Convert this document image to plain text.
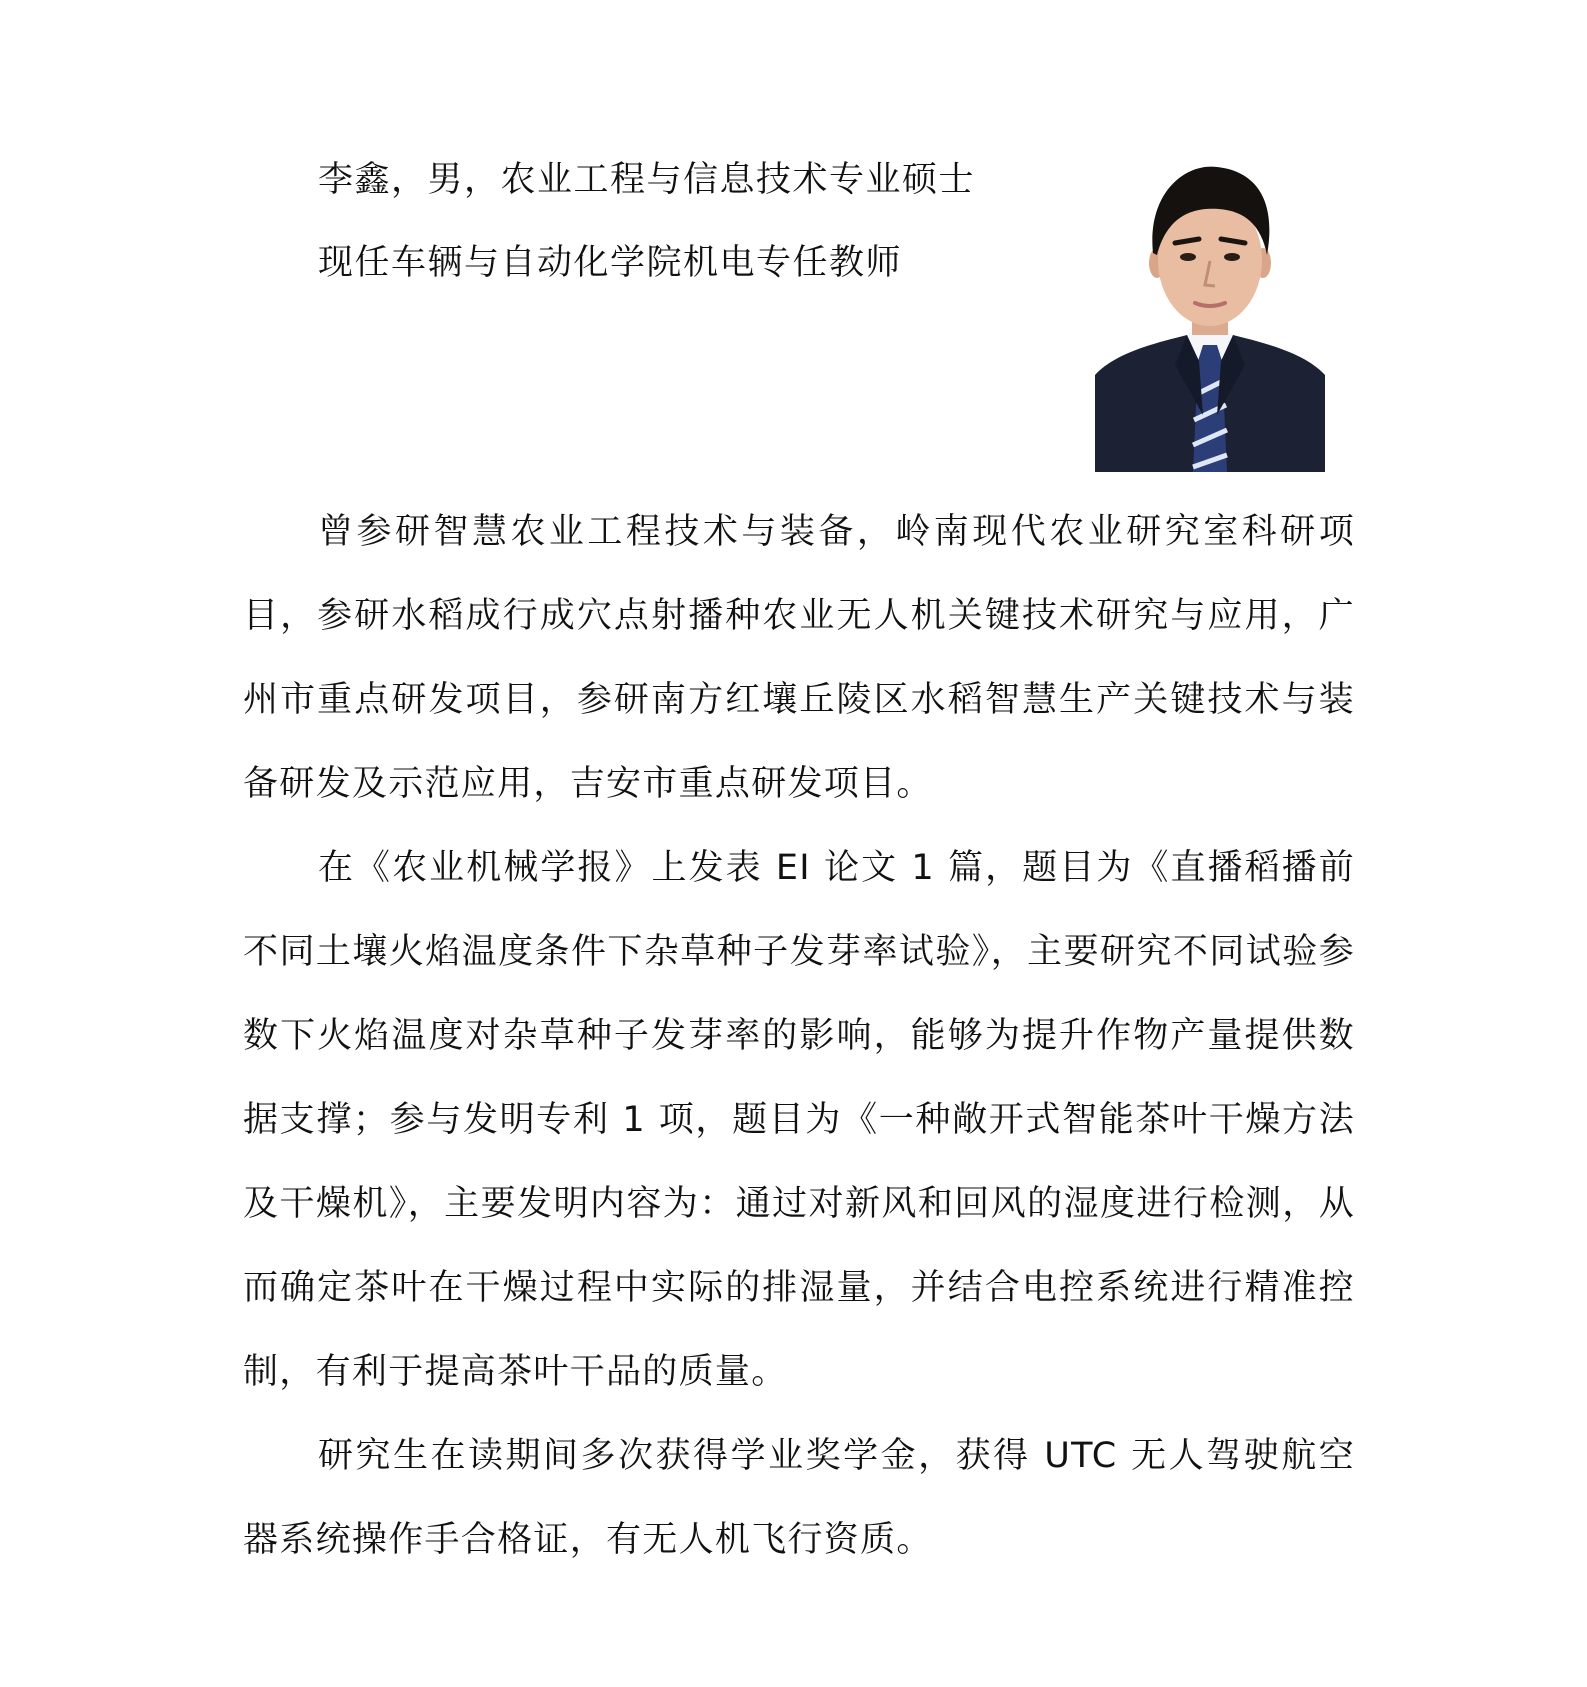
李鑫，男，农业工程与信息技术专业硕士
现任车辆与自动化学院机电专任教师

曾参研智慧农业工程技术与装备，岭南现代农业研究室科研项目，参研水稻成行成穴点射播种农业无人机关键技术研究与应用，广州市重点研发项目，参研南方红壤丘陵区水稻智慧生产关键技术与装备研发及示范应用，吉安市重点研发项目。

在《农业机械学报》上发表 EI 论文 1 篇，题目为《直播稻播前不同土壤火焰温度条件下杂草种子发芽率试验》，主要研究不同试验参数下火焰温度对杂草种子发芽率的影响，能够为提升作物产量提供数据支撑；参与发明专利 1 项，题目为《一种敞开式智能茶叶干燥方法及干燥机》，主要发明内容为：通过对新风和回风的湿度进行检测，从而确定茶叶在干燥过程中实际的排湿量，并结合电控系统进行精准控制，有利于提高茶叶干品的质量。

研究生在读期间多次获得学业奖学金，获得 UTC 无人驾驶航空器系统操作手合格证，有无人机飞行资质。
